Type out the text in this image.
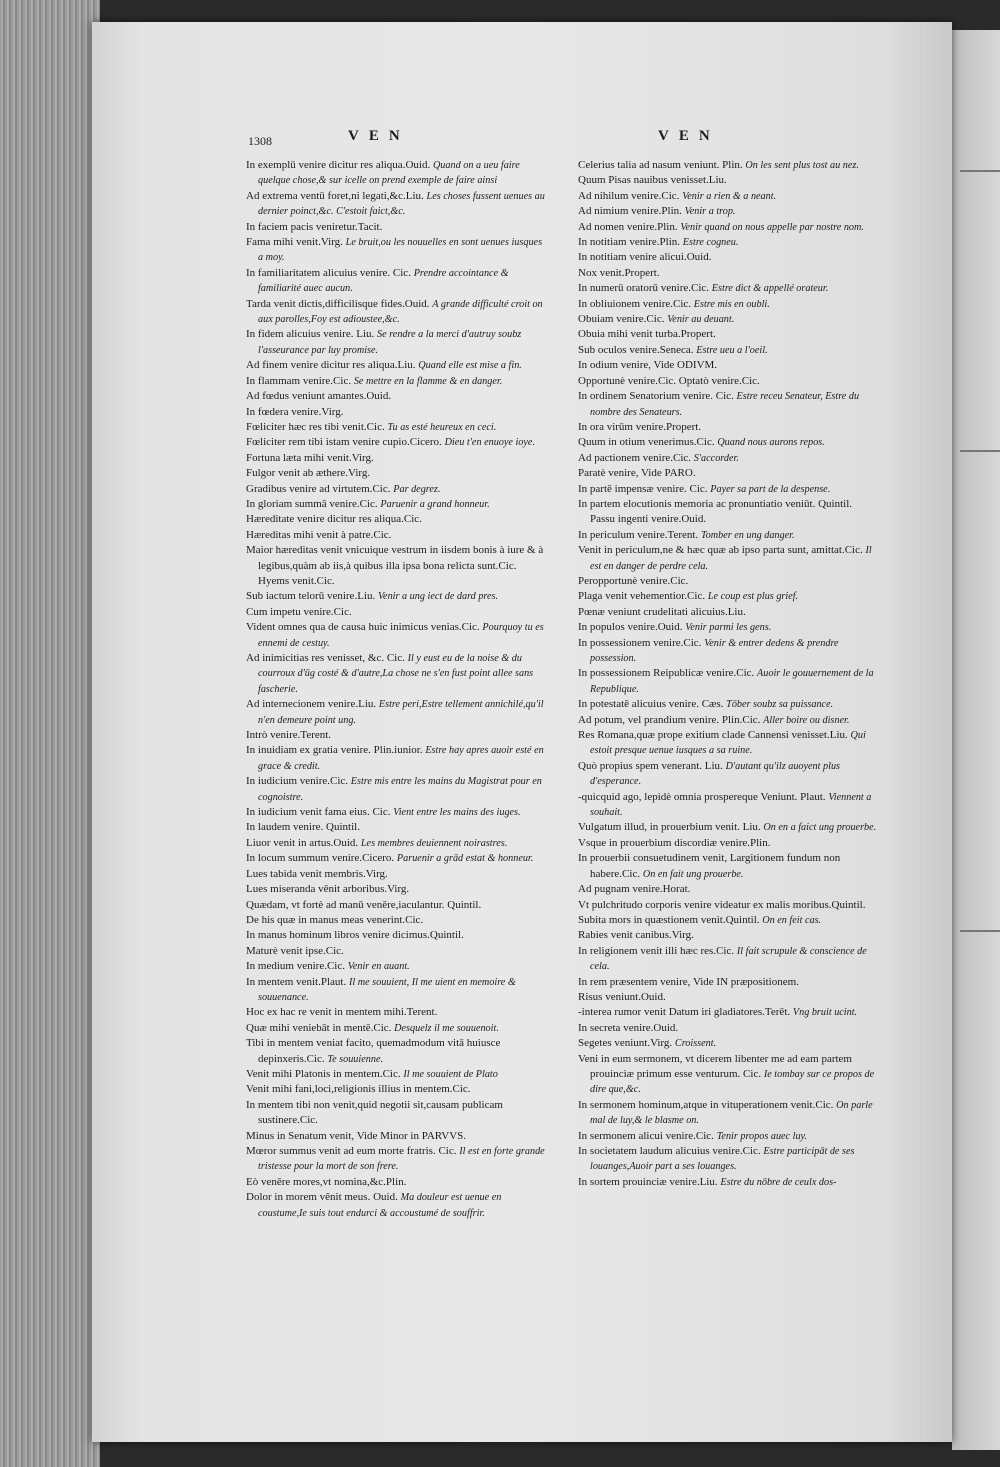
1308	VEN	VEN

In exemplū venire dicitur res aliqua.Ouid. Quand on a ueu faire quelque chose,& sur icelle on prend exemple de faire ainsi

Ad extrema ventū foret,ni legati,&c.Liu. Les choses fussent uenues au dernier poinct,&c. C'estoit faict,&c.

In faciem pacis veniretur.Tacit.

Fama mihi venit.Virg. Le bruit,ou les nouuelles en sont uenues iusques a moy.

In familiaritatem alicuius venire. Cic. Prendre accointance & familiarité auec aucun.

Tarda venit dictis,difficilisque fides.Ouid. A grande difficulté croit on aux parolles,Foy est adioustee,&c.

In fidem alicuius venire. Liu. Se rendre a la merci d'autruy soubz l'asseurance par luy promise.

Ad finem venire dicitur res aliqua.Liu. Quand elle est mise a fin.

In flammam venire.Cic. Se mettre en la flamme & en danger.

Ad fœdus veniunt amantes.Ouid.

In fœdera venire.Virg.

Fœliciter hæc res tibi venit.Cic. Tu as esté heureux en ceci.

Fœliciter rem tibi istam venire cupio.Cicero. Dieu t'en enuoye ioye.

Fortuna læta mihi venit.Virg.

Fulgor venit ab æthere.Virg.

Gradibus venire ad virtutem.Cic. Par degrez.

In gloriam summā venire.Cic. Paruenir a grand honneur.

Hæreditate venire dicitur res aliqua.Cic.

Hæreditas mihi venit à patre.Cic.

Maior hæreditas venit vnicuique vestrum in iisdem bonis à iure & à legibus,quàm ab iis,à quibus illa ipsa bona relicta sunt.Cic. Hyems venit.Cic.

Sub iactum telorū venire.Liu. Venir a ung iect de dard pres.

Cum impetu venire.Cic.

Vident omnes qua de causa huic inimicus venias.Cic. Pourquoy tu es ennemi de cestuy.

Ad inimicitias res venisset, &c. Cic. Il y eust eu de la noise & du courroux d'ūg costé & d'autre,La chose ne s'en fust point allee sans fascherie.

Ad internecionem venire.Liu. Estre peri,Estre tellement annichilé,qu'il n'en demeure point ung.

Intrò venire.Terent.

In inuidiam ex gratia venire. Plin.iunior. Estre hay apres auoir esté en grace & credit.

In iudicium venire.Cic. Estre mis entre les mains du Magistrat pour en cognoistre.

In iudicium venit fama eius. Cic. Vient entre les mains des iuges.

In laudem venire. Quintil.

Liuor venit in artus.Ouid. Les membres deuiennent noirastres.

In locum summum venire.Cicero. Paruenir a grād estat & honneur.

Lues tabida venit membris.Virg.

Lues miseranda vēnit arboribus.Virg.

Quædam, vt fortè ad manū venēre,iaculantur. Quintil.

De his quæ in manus meas venerint.Cic.

In manus hominum libros venire dicimus.Quintil.

Maturè venit ipse.Cic.

In medium venire.Cic. Venir en auant.

In mentem venit.Plaut. Il me souuient, Il me uient en memoire & souuenance.

Hoc ex hac re venit in mentem mihi.Terent.

Quæ mihi veniebāt in mentē.Cic. Desquelz il me souuenoit.

Tibi in mentem veniat facito, quemadmodum vitā huiusce depinxeris.Cic. Te souuienne.

Venit mihi Platonis in mentem.Cic. Il me souuient de Plato

Venit mihi fani,loci,religionis illius in mentem.Cic.

In mentem tibi non venit,quid negotii sit,causam publicam sustinere.Cic.

Minus in Senatum venit, Vide Minor in PARVVS.

Mœror summus venit ad eum morte fratris. Cic. Il est en forte grande tristesse pour la mort de son frere.

Eò venēre mores,vt nomina,&c.Plin.

Dolor in morem vēnit meus. Ouid. Ma douleur est uenue en coustume,Ie suis tout endurci & accoustumé de souffrir.

Celerius talia ad nasum veniunt. Plin. On les sent plus tost au nez.

Quum Pisas nauibus venisset.Liu.

Ad nihilum venire.Cic. Venir a rien & a neant.

Ad nimium venire.Plin. Venir a trop.

Ad nomen venire.Plin. Venir quand on nous appelle par nostre nom.

In notitiam venire.Plin. Estre cogneu.

In notitiam venire alicui.Ouid.

Nox venit.Propert.

In numerū oratorū venire.Cic. Estre dict & appellé orateur.

In obliuionem venire.Cic. Estre mis en oubli.

Obuiam venire.Cic. Venir au deuant.

Obuia mihi venit turba.Propert.

Sub oculos venire.Seneca. Estre ueu a l'oeil.

In odium venire, Vide ODIVM.

Opportunè venire.Cic. Optatò venire.Cic.

In ordinem Senatorium venire. Cic. Estre receu Senateur, Estre du nombre des Senateurs.

In ora virūm venire.Propert.

Quum in otium venerimus.Cic. Quand nous aurons repos.

Ad pactionem venire.Cic. S'accorder.

Paratè venire, Vide PARO.

In partē impensæ venire. Cic. Payer sa part de la despense.

In partem elocutionis memoria ac pronuntiatio veniūt. Quintil. Passu ingenti venire.Ouid.

In periculum venire.Terent. Tomber en ung danger.

Venit in periculum,ne & hæc quæ ab ipso parta sunt, amittat.Cic. Il est en danger de perdre cela.

Peropportunè venire.Cic.

Plaga venit vehementior.Cic. Le coup est plus grief.

Pœnæ veniunt crudelitati alicuius.Liu.

In populos venire.Ouid. Venir parmi les gens.

In possessionem venire.Cic. Venir & entrer dedens & prendre possession.

In possessionem Reipublicæ venire.Cic. Auoir le gouuernement de la Republique.

In potestatē alicuius venire. Cæs. Tōber soubz sa puissance.

Ad potum, vel prandium venire. Plin.Cic. Aller boire ou disner.

Res Romana,quæ prope exitium clade Cannensi venisset.Liu. Qui estoit presque uenue iusques a sa ruine.

Quò propius spem venerant. Liu. D'autant qu'ilz auoyent plus d'esperance.

-quicquid ago, lepidè omnia prospereque Veniunt. Plaut. Viennent a souhait.

Vulgatum illud, in prouerbium venit. Liu. On en a faict ung prouerbe.

Vsque in prouerbium discordiæ venire.Plin.

In prouerbii consuetudinem venit, Largitionem fundum non habere.Cic. On en fait ung prouerbe.

Ad pugnam venire.Horat.

Vt pulchritudo corporis venire videatur ex malis moribus.Quintil.

Subita mors in quæstionem venit.Quintil. On en feit cas.

Rabies venit canibus.Virg.

In religionem venit illi hæc res.Cic. Il fait scrupule & conscience de cela.

In rem præsentem venire, Vide IN præpositionem.

Risus veniunt.Ouid.

-interea rumor venit Datum iri gladiatores.Terēt. Vng bruit ucint.

In secreta venire.Ouid.

Segetes veniunt.Virg. Croissent.

Veni in eum sermonem, vt dicerem libenter me ad eam partem prouinciæ primum esse venturum. Cic. Ie tombay sur ce propos de dire que,&c.

In sermonem hominum,atque in vituperationem venit.Cic. On parle mal de luy,& le blasme on.

In sermonem alicui venire.Cic. Tenir propos auec luy.

In societatem laudum alicuius venire.Cic. Estre participāt de ses louanges,Auoir part a ses louanges.

In sortem prouinciæ venire.Liu. Estre du nōbre de ceulx dos-
